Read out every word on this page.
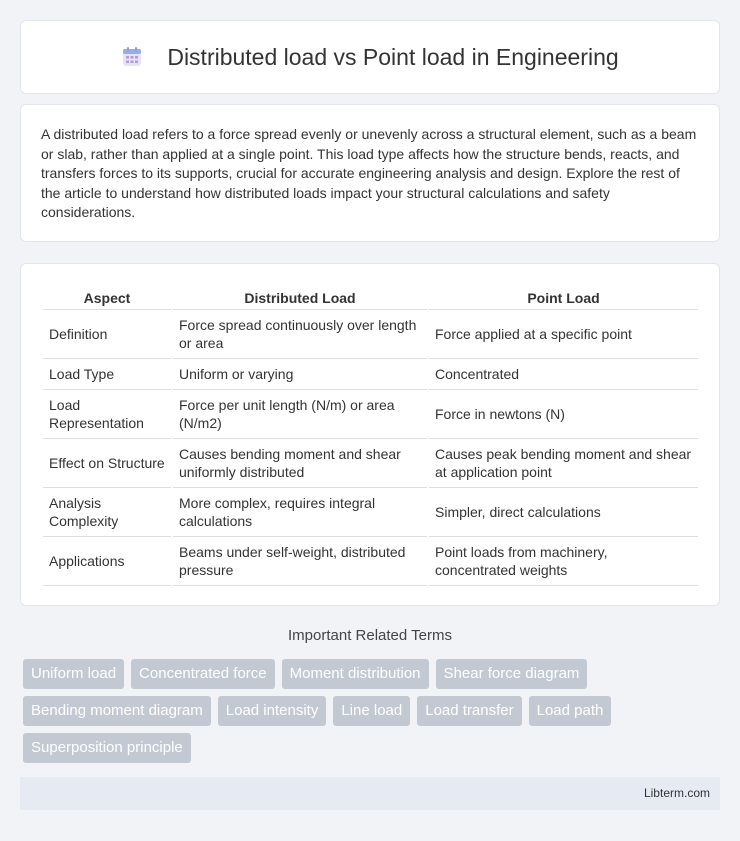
Distributed load vs Point load in Engineering

A distributed load refers to a force spread evenly or unevenly across a structural element, such as a beam or slab, rather than applied at a single point. This load type affects how the structure bends, reacts, and transfers forces to its supports, crucial for accurate engineering analysis and design. Explore the rest of the article to understand how distributed loads impact your structural calculations and safety considerations.

Aspect	Distributed Load	Point Load
Definition	Force spread continuously over length or area	Force applied at a specific point
Load Type	Uniform or varying	Concentrated
Load Representation	Force per unit length (N/m) or area (N/m2)	Force in newtons (N)
Effect on Structure	Causes bending moment and shear uniformly distributed	Causes peak bending moment and shear at application point
Analysis Complexity	More complex, requires integral calculations	Simpler, direct calculations
Applications	Beams under self-weight, distributed pressure	Point loads from machinery, concentrated weights
Important Related Terms
Uniform load	Concentrated force	Moment distribution	Shear force diagram
Bending moment diagram	Load intensity	Line load	Load transfer	Load path
Superposition principle
Libterm.com
